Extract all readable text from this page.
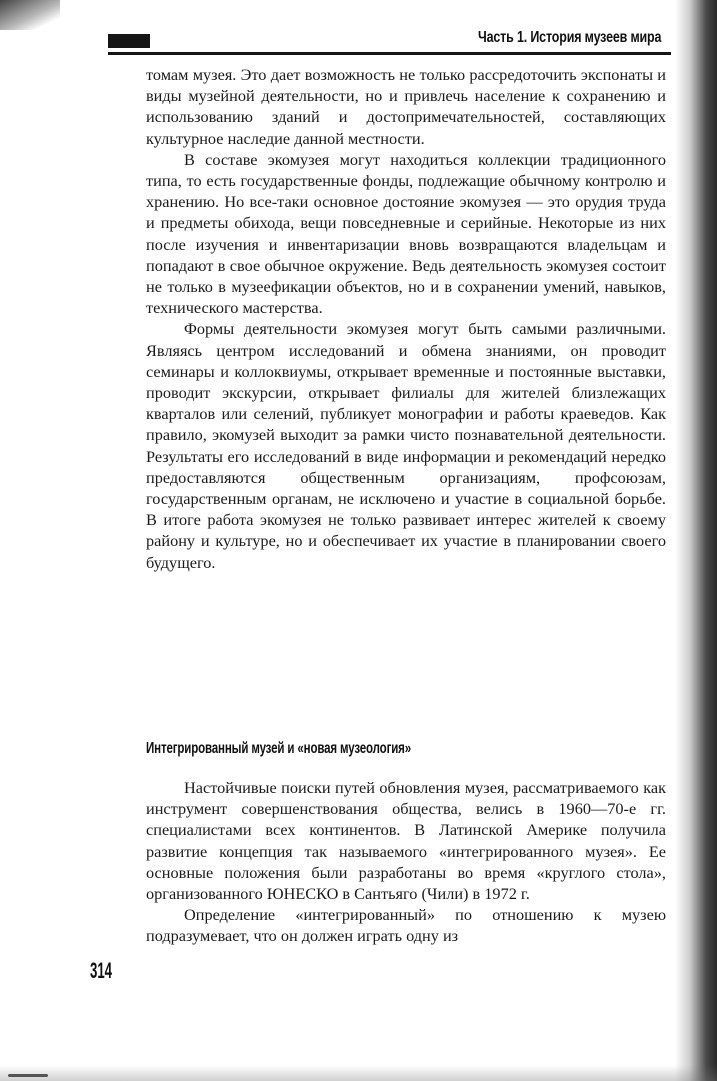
Часть 1. История музеев мира

томам музея. Это дает возможность не только рассредоточить экспонаты и виды музейной деятельности, но и привлечь население к сохранению и использованию зданий и достопримечательностей, составляющих культурное наследие данной местности.

В составе экомузея могут находиться коллекции традиционного типа, то есть государственные фонды, подлежащие обычному контролю и хранению. Но все-таки основное достояние экомузея — это орудия труда и предметы обихода, вещи повседневные и серийные. Некоторые из них после изучения и инвентаризации вновь возвращаются владельцам и попадают в свое обычное окружение. Ведь деятельность экомузея состоит не только в музеефикации объектов, но и в сохранении умений, навыков, технического мастерства.

Формы деятельности экомузея могут быть самыми различными. Являясь центром исследований и обмена знаниями, он проводит семинары и коллоквиумы, открывает временные и постоянные выставки, проводит экскурсии, открывает филиалы для жителей близлежащих кварталов или селений, публикует монографии и работы краеведов. Как правило, экомузей выходит за рамки чисто познавательной деятельности. Результаты его исследований в виде информации и рекомендаций нередко предоставляются общественным организациям, профсоюзам, государственным органам, не исключено и участие в социальной борьбе. В итоге работа экомузея не только развивает интерес жителей к своему району и культуре, но и обеспечивает их участие в планировании своего будущего.

Интегрированный музей и «новая музеология»

Настойчивые поиски путей обновления музея, рассматриваемого как инструмент совершенствования общества, велись в 1960—70-е гг. специалистами всех континентов. В Латинской Америке получила развитие концепция так называемого «интегрированного музея». Ее основные положения были разработаны во время «круглого стола», организованного ЮНЕСКО в Сантьяго (Чили) в 1972 г.

Определение «интегрированный» по отношению к музею подразумевает, что он должен играть одну из

314
